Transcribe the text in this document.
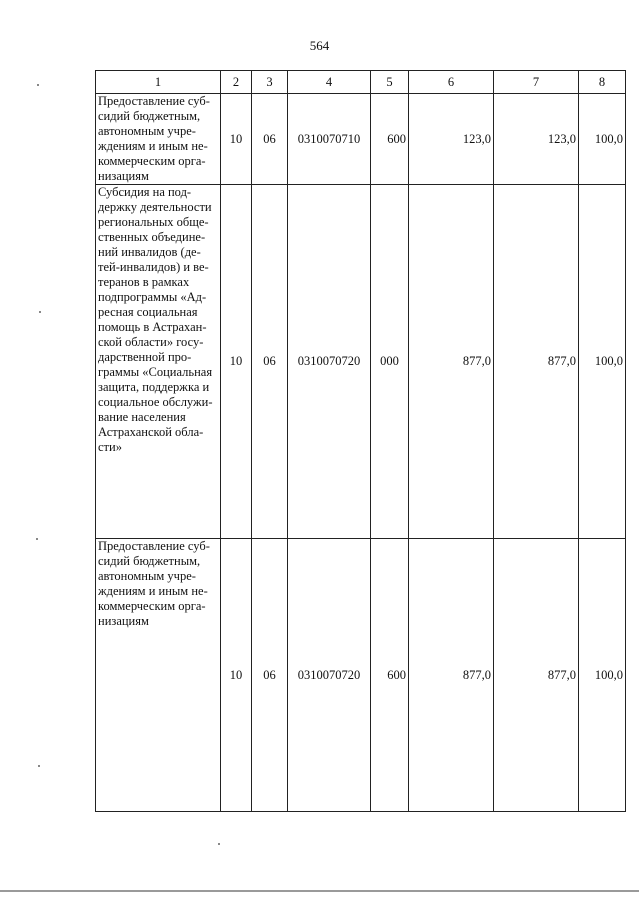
564
1	2	3	4	5	6	7	8
Предоставление суб-сидий бюджетным, автономным учре-ждениям и иным не-коммерческим орга-низациям	10	06	0310070710	600	123,0	123,0	100,0
Субсидия на под-держку деятельности региональных обще-ственных объедине-ний инвалидов (де-тей-инвалидов) и ве-теранов в рамках подпрограммы «Ад-ресная социальная помощь в Астрахан-ской области» госу-дарственной про-граммы «Социальная защита, поддержка и социальное обслужи-вание населения Астраханской обла-сти»	10	06	0310070720	000	877,0	877,0	100,0
Предоставление суб-сидий бюджетным, автономным учре-ждениям и иным не-коммерческим орга-низациям	10	06	0310070720	600	877,0	877,0	100,0
